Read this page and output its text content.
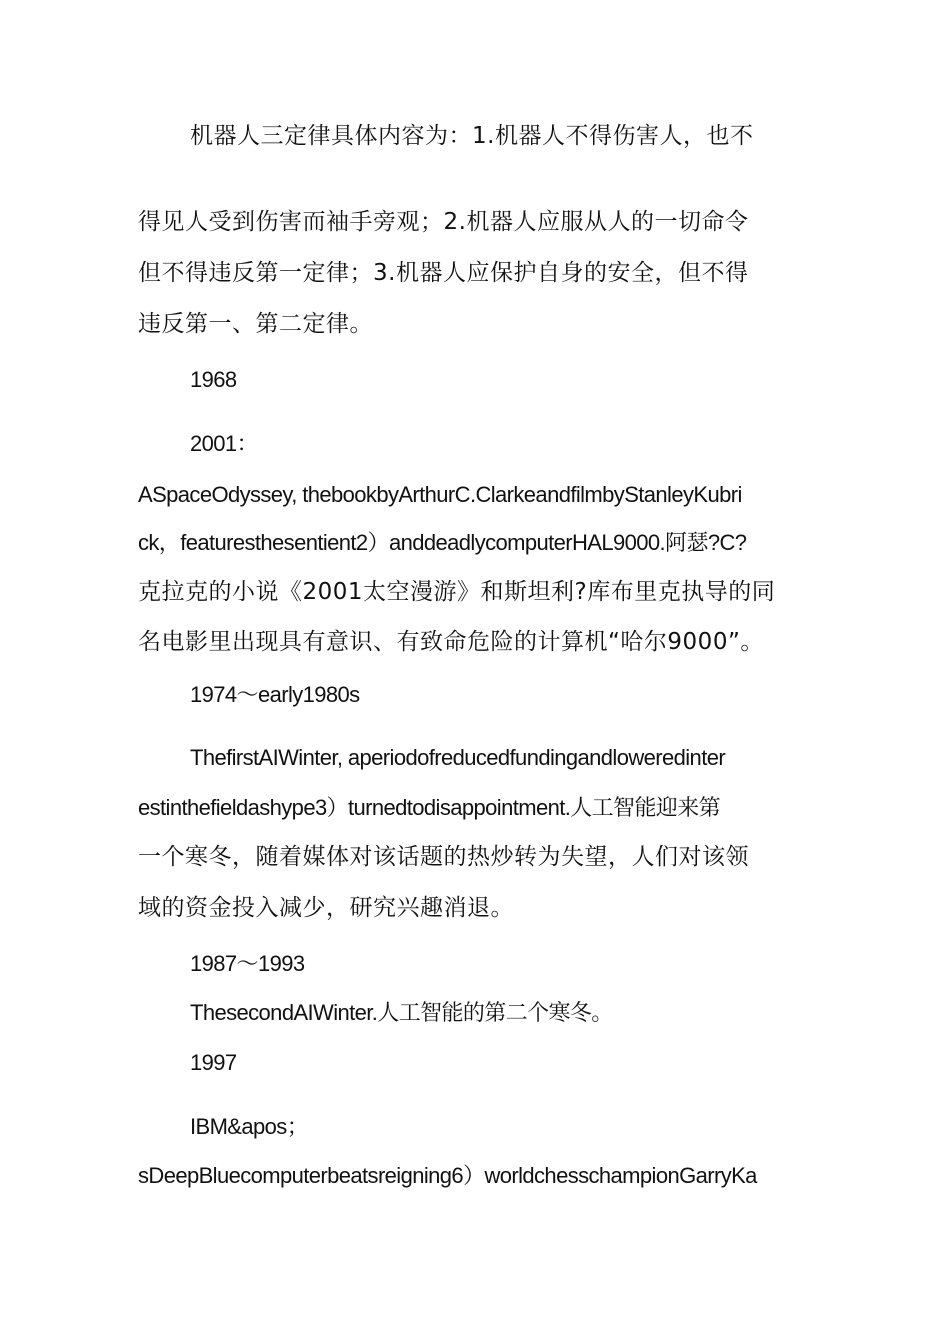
机器人三定律具体内容为：1.机器人不得伤害人，也不
得见人受到伤害而袖手旁观；2.机器人应服从人的一切命令
但不得违反第一定律；3.机器人应保护自身的安全，但不得
违反第一、第二定律。
1968
2001：
ASpaceOdyssey, thebookbyArthurC.ClarkeandfilmbyStanleyKubri
ck，featuresthesentient2）anddeadlycomputerHAL9000.阿瑟?C?
克拉克的小说《2001太空漫游》和斯坦利?库布里克执导的同
名电影里出现具有意识、有致命危险的计算机“哈尔9000”。
1974〜early1980s
ThefirstAIWinter, aperiodofreducedfundingandloweredinter
estinthefieldashype3）turnedtodisappointment.人工智能迎来第
一个寒冬，随着媒体对该话题的热炒转为失望，人们对该领
域的资金投入减少，研究兴趣消退。
1987〜1993
ThesecondAIWinter.人工智能的第二个寒冬。
1997
IBM&apos；
sDeepBluecomputerbeatsreigning6）worldchesschampionGarryKa
